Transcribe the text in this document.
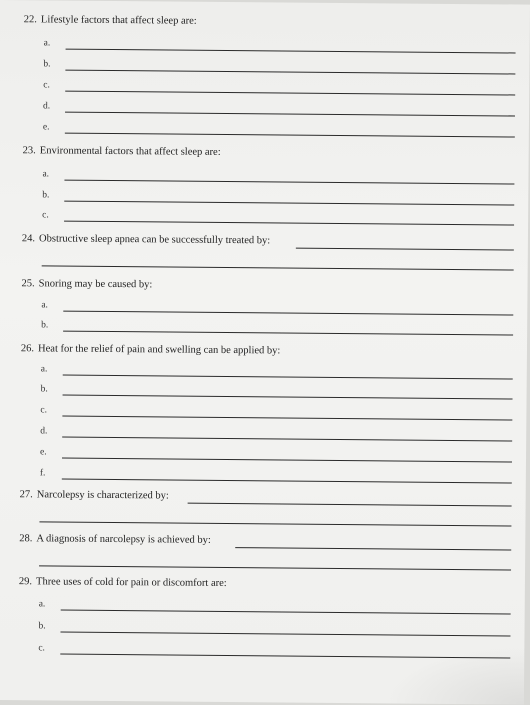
22. Lifestyle factors that affect sleep are:
a.
b.
c.
d.
e.
23. Environmental factors that affect sleep are:
a.
b.
c.
24. Obstructive sleep apnea can be successfully treated by:
25. Snoring may be caused by:
a.
b.
26. Heat for the relief of pain and swelling can be applied by:
a.
b.
c.
d.
e.
f.
27. Narcolepsy is characterized by:
28. A diagnosis of narcolepsy is achieved by:
29. Three uses of cold for pain or discomfort are:
a.
b.
c.
